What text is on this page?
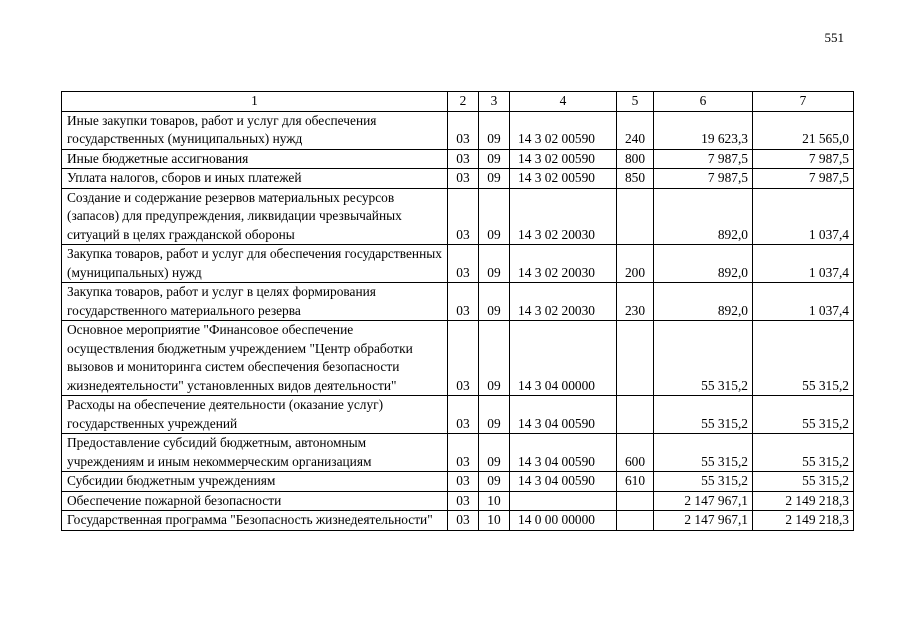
551
1	2	3	4	5	6	7
Иные закупки товаров, работ и услуг для обеспечения государственных (муниципальных) нужд	03	09	14 3 02 00590	240	19 623,3	21 565,0
Иные бюджетные ассигнования	03	09	14 3 02 00590	800	7 987,5	7 987,5
Уплата налогов, сборов и иных платежей	03	09	14 3 02 00590	850	7 987,5	7 987,5
Создание и содержание резервов материальных ресурсов (запасов) для предупреждения, ликвидации чрезвычайных ситуаций в целях гражданской обороны	03	09	14 3 02 20030		892,0	1 037,4
Закупка товаров, работ и услуг для обеспечения государственных (муниципальных) нужд	03	09	14 3 02 20030	200	892,0	1 037,4
Закупка товаров, работ и услуг в целях формирования государственного материального резерва	03	09	14 3 02 20030	230	892,0	1 037,4
Основное мероприятие "Финансовое обеспечение осуществления бюджетным учреждением "Центр обработки вызовов и мониторинга систем обеспечения безопасности жизнедеятельности" установленных видов деятельности"	03	09	14 3 04 00000		55 315,2	55 315,2
Расходы на обеспечение деятельности (оказание услуг) государственных учреждений	03	09	14 3 04 00590		55 315,2	55 315,2
Предоставление субсидий бюджетным, автономным учреждениям и иным некоммерческим организациям	03	09	14 3 04 00590	600	55 315,2	55 315,2
Субсидии бюджетным учреждениям	03	09	14 3 04 00590	610	55 315,2	55 315,2
Обеспечение пожарной безопасности	03	10			2 147 967,1	2 149 218,3
Государственная программа "Безопасность жизнедеятельности"	03	10	14 0 00 00000		2 147 967,1	2 149 218,3
